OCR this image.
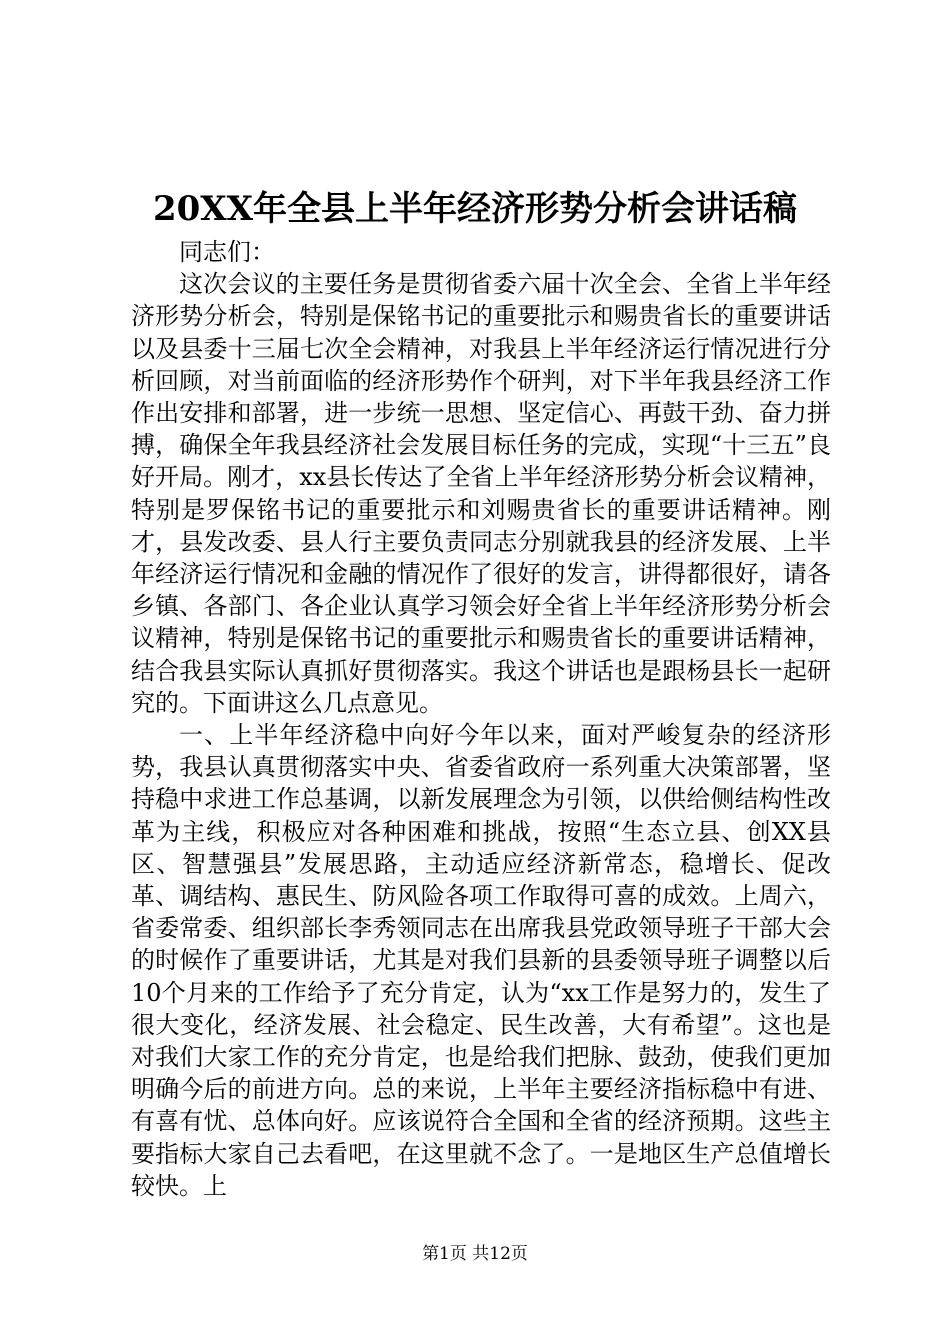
20XX年全县上半年经济形势分析会讲话稿

同志们：

这次会议的主要任务是贯彻省委六届十次全会、全省上半年经济形势分析会，特别是保铭书记的重要批示和赐贵省长的重要讲话以及县委十三届七次全会精神，对我县上半年经济运行情况进行分析回顾，对当前面临的经济形势作个研判，对下半年我县经济工作作出安排和部署，进一步统一思想、坚定信心、再鼓干劲、奋力拼搏，确保全年我县经济社会发展目标任务的完成，实现“十三五”良好开局。刚才，xx县长传达了全省上半年经济形势分析会议精神，特别是罗保铭书记的重要批示和刘赐贵省长的重要讲话精神。刚才，县发改委、县人行主要负责同志分别就我县的经济发展、上半年经济运行情况和金融的情况作了很好的发言，讲得都很好，请各乡镇、各部门、各企业认真学习领会好全省上半年经济形势分析会议精神，特别是保铭书记的重要批示和赐贵省长的重要讲话精神，结合我县实际认真抓好贯彻落实。我这个讲话也是跟杨县长一起研究的。下面讲这么几点意见。

一、上半年经济稳中向好今年以来，面对严峻复杂的经济形势，我县认真贯彻落实中央、省委省政府一系列重大决策部署，坚持稳中求进工作总基调，以新发展理念为引领，以供给侧结构性改革为主线，积极应对各种困难和挑战，按照“生态立县、创XX县区、智慧强县”发展思路，主动适应经济新常态，稳增长、促改革、调结构、惠民生、防风险各项工作取得可喜的成效。上周六，省委常委、组织部长李秀领同志在出席我县党政领导班子干部大会的时候作了重要讲话，尤其是对我们县新的县委领导班子调整以后10个月来的工作给予了充分肯定，认为“xx工作是努力的，发生了很大变化，经济发展、社会稳定、民生改善，大有希望”。这也是对我们大家工作的充分肯定，也是给我们把脉、鼓劲，使我们更加明确今后的前进方向。总的来说，上半年主要经济指标稳中有进、有喜有忧、总体向好。应该说符合全国和全省的经济预期。这些主要指标大家自己去看吧，在这里就不念了。一是地区生产总值增长较快。上

第1页 共12页
